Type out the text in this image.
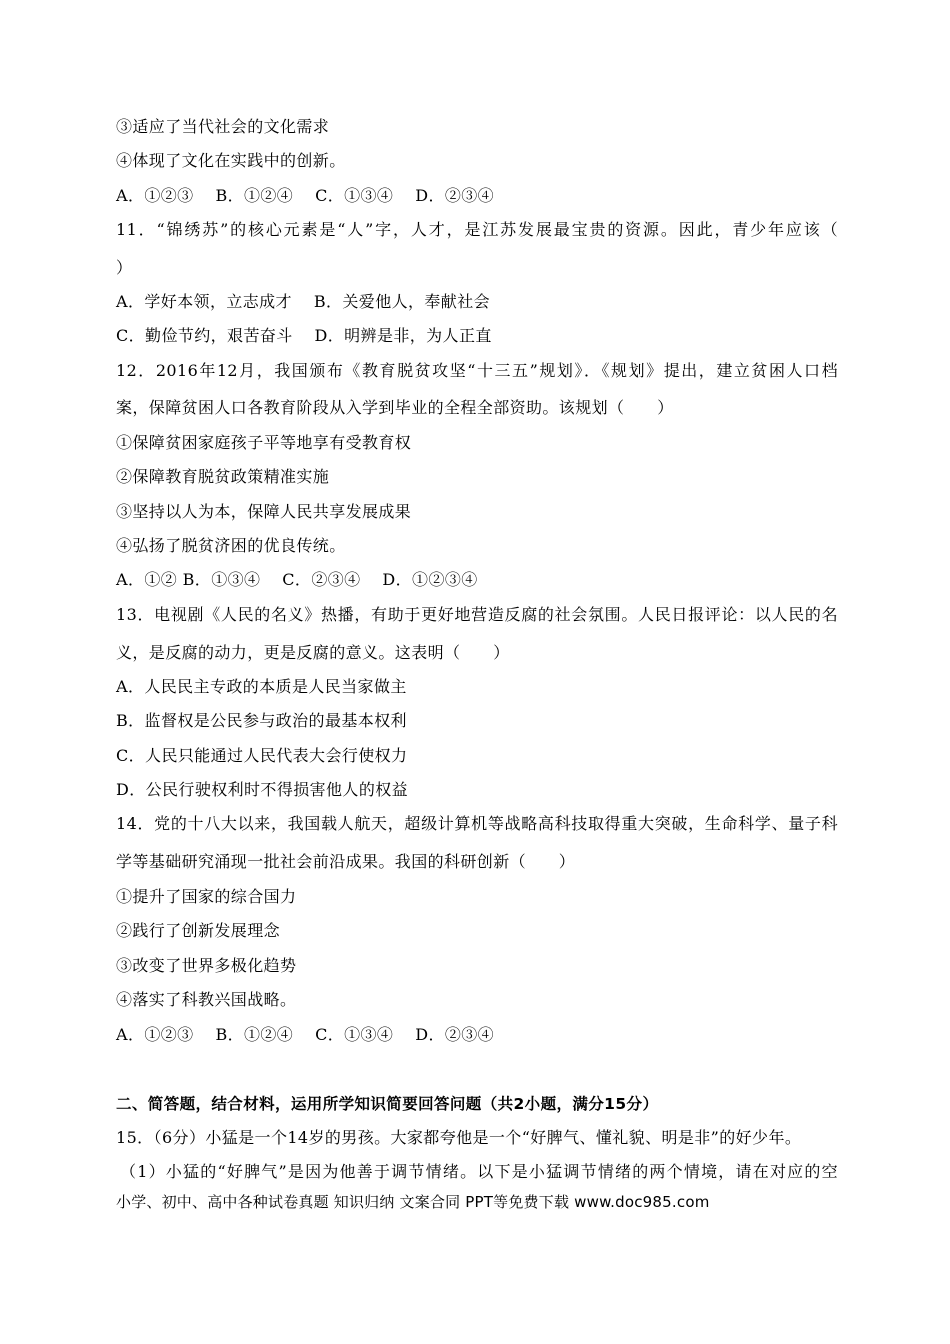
③适应了当代社会的文化需求
④体现了文化在实践中的创新。
A．①②③　 B．①②④　 C．①③④　 D．②③④
11．“锦绣苏”的核心元素是“人”字，人才，是江苏发展最宝贵的资源。因此，青少年应该（
）
A．学好本领，立志成才　 B．关爱他人，奉献社会
C．勤俭节约，艰苦奋斗　 D．明辨是非，为人正直
12．2016年12月，我国颁布《教育脱贫攻坚“十三五”规划》．《规划》提出，建立贫困人口档
案，保障贫困人口各教育阶段从入学到毕业的全程全部资助。该规划（　　）
①保障贫困家庭孩子平等地享有受教育权
②保障教育脱贫政策精准实施
③坚持以人为本，保障人民共享发展成果
④弘扬了脱贫济困的优良传统。
A．①② B．①③④　 C．②③④　 D．①②③④
13．电视剧《人民的名义》热播，有助于更好地营造反腐的社会氛围。人民日报评论：以人民的名
义，是反腐的动力，更是反腐的意义。这表明（　　）
A．人民民主专政的本质是人民当家做主
B．监督权是公民参与政治的最基本权利
C．人民只能通过人民代表大会行使权力
D．公民行驶权利时不得损害他人的权益
14．党的十八大以来，我国载人航天，超级计算机等战略高科技取得重大突破，生命科学、量子科
学等基础研究涌现一批社会前沿成果。我国的科研创新（　　）
①提升了国家的综合国力
②践行了创新发展理念
③改变了世界多极化趋势
④落实了科教兴国战略。
A．①②③　 B．①②④　 C．①③④　 D．②③④
二、简答题，结合材料，运用所学知识简要回答问题（共2小题，满分15分）
15．（6分）小猛是一个14岁的男孩。大家都夸他是一个“好脾气、懂礼貌、明是非”的好少年。
（1）小猛的“好脾气”是因为他善于调节情绪。以下是小猛调节情绪的两个情境，请在对应的空
小学、初中、高中各种试卷真题 知识归纳 文案合同 PPT等免费下载 www.doc985.com
